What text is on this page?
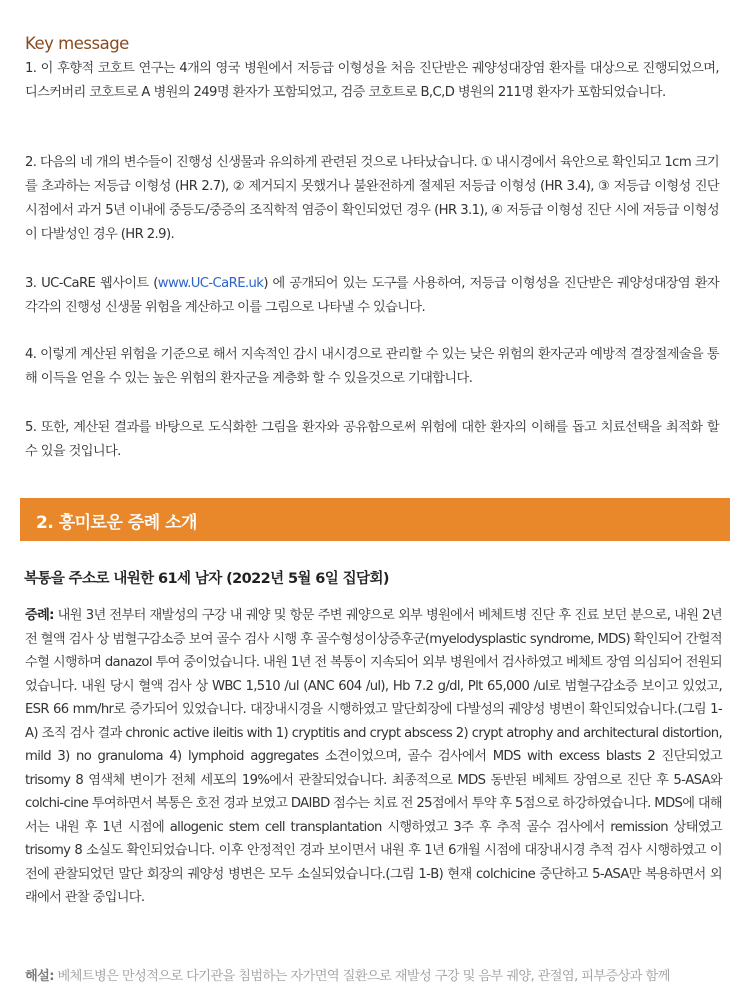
Key message

1. 이 후향적 코호트 연구는 4개의 영국 병원에서 저등급 이형성을 처음 진단받은 궤양성대장염 환자를 대상으로 진행되었으며, 디스커버리 코호트로 A 병원의 249명 환자가 포함되었고, 검증 코호트로 B,C,D 병원의 211명 환자가 포함되었습니다.

2. 다음의 네 개의 변수들이 진행성 신생물과 유의하게 관련된 것으로 나타났습니다. ① 내시경에서 육안으로 확인되고 1cm 크기를 초과하는 저등급 이형성 (HR 2.7), ② 제거되지 못했거나 불완전하게 절제된 저등급 이형성 (HR 3.4), ③ 저등급 이형성 진단 시점에서 과거 5년 이내에 중등도/중증의 조직학적 염증이 확인되었던 경우 (HR 3.1), ④ 저등급 이형성 진단 시에 저등급 이형성이 다발성인 경우 (HR 2.9).

3. UC-CaRE 웹사이트 (www.UC-CaRE.uk) 에 공개되어 있는 도구를 사용하여, 저등급 이형성을 진단받은 궤양성대장염 환자 각각의 진행성 신생물 위험을 계산하고 이를 그림으로 나타낼 수 있습니다.

4. 이렇게 계산된 위험을 기준으로 해서 지속적인 감시 내시경으로 관리할 수 있는 낮은 위험의 환자군과 예방적 결장절제술을 통해 이득을 얻을 수 있는 높은 위험의 환자군을 계층화 할 수 있을것으로 기대합니다.

5. 또한, 계산된 결과를 바탕으로 도식화한 그림을 환자와 공유함으로써 위험에 대한 환자의 이해를 돕고 치료선택을 최적화 할 수 있을 것입니다.

2. 흥미로운 증례 소개
복통을 주소로 내원한 61세 남자 (2022년 5월 6일 집담회)

증례: 내원 3년 전부터 재발성의 구강 내 궤양 및 항문 주변 궤양으로 외부 병원에서 베체트병 진단 후 진료 보던 분으로, 내원 2년 전 혈액 검사 상 범혈구감소증 보여 골수 검사 시행 후 골수형성이상증후군(myelodysplastic syndrome, MDS) 확인되어 간헐적 수혈 시행하며 danazol 투여 중이었습니다. 내원 1년 전 복통이 지속되어 외부 병원에서 검사하였고 베체트 장염 의심되어 전원되었습니다. 내원 당시 혈액 검사 상 WBC 1,510 /ul (ANC 604 /ul), Hb 7.2 g/dl, Plt 65,000 /ul로 범혈구감소증 보이고 있었고, ESR 66 mm/hr로 증가되어 있었습니다. 대장내시경을 시행하였고 말단회장에 다발성의 궤양성 병변이 확인되었습니다.(그림 1-A) 조직 검사 결과 chronic active ileitis with 1) cryptitis and crypt abscess 2) crypt atrophy and architectural distortion, mild 3) no granuloma 4) lymphoid aggregates 소견이었으며, 골수 검사에서 MDS with excess blasts 2 진단되었고 trisomy 8 염색체 변이가 전체 세포의 19%에서 관찰되었습니다. 최종적으로 MDS 동반된 베체트 장염으로 진단 후 5-ASA와 colchi-cine 투여하면서 복통은 호전 경과 보였고 DAIBD 점수는 치료 전 25점에서 투약 후 5점으로 하강하였습니다. MDS에 대해서는 내원 후 1년 시점에 allogenic stem cell transplantation 시행하였고 3주 후 추적 골수 검사에서 remission 상태였고 trisomy 8 소실도 확인되었습니다. 이후 안정적인 경과 보이면서 내원 후 1년 6개월 시점에 대장내시경 추적 검사 시행하였고 이전에 관찰되었던 말단 회장의 궤양성 병변은 모두 소실되었습니다.(그림 1-B) 현재 colchicine 중단하고 5-ASA만 복용하면서 외래에서 관찰 중입니다.

해설: 베체트병은 만성적으로 다기관을 침범하는 자가면역 질환으로 재발성 구강 및 음부 궤양, 관절염, 피부증상과 함께
